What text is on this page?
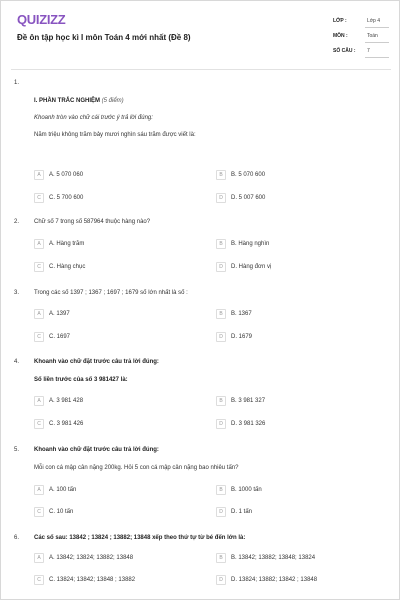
QUIZIZZ
Đề ôn tập học kì I môn Toán 4 mới nhất (Đề 8)
LỚP :	Lớp 4
MÔN :	Toán
SỐ CÂU : 7
1.
I. PHẦN TRẮC NGHIỆM (5 điểm)
Khoanh tròn vào chữ cái trước ý trả lời đúng:
Năm triệu không trăm bảy mươi nghìn sáu trăm được viết là:
A	A. 5 070 060	B	B. 5 070 600
C	C. 5 700 600	D	D. 5 007 600
2. Chữ số 7 trong số 587964 thuộc hàng nào?
A	A. Hàng trăm	B	B. Hàng nghìn
C	C. Hàng chục	D	D. Hàng đơn vị
3. Trong các số 1397 ; 1367 ; 1697 ; 1679 số lớn nhất là số :
A	A. 1397	B	B. 1367
C	C. 1697	D	D. 1679
4. Khoanh vào chữ đặt trước câu trả lời đúng:
Số liền trước của số 3 981427 là:
A	A. 3 981 428	B	B. 3 981 327
C	C. 3 981 426	D	D. 3 981 326
5. Khoanh vào chữ đặt trước câu trả lời đúng:
Mỗi con cá mập cân nặng 200kg. Hỏi 5 con cá mập cân nặng bao nhiêu tấn?
A	A. 100 tấn	B	B. 1000 tấn
C	C. 10 tấn	D	D. 1 tấn
6. Các số sau: 13842 ; 13824 ; 13882; 13848 xếp theo thứ tự từ bé đến lớn là:
A	A. 13842; 13824; 13882; 13848	B	B. 13842; 13882; 13848; 13824
C	C. 13824; 13842; 13848 ; 13882	D	D. 13824; 13882; 13842 ; 13848
